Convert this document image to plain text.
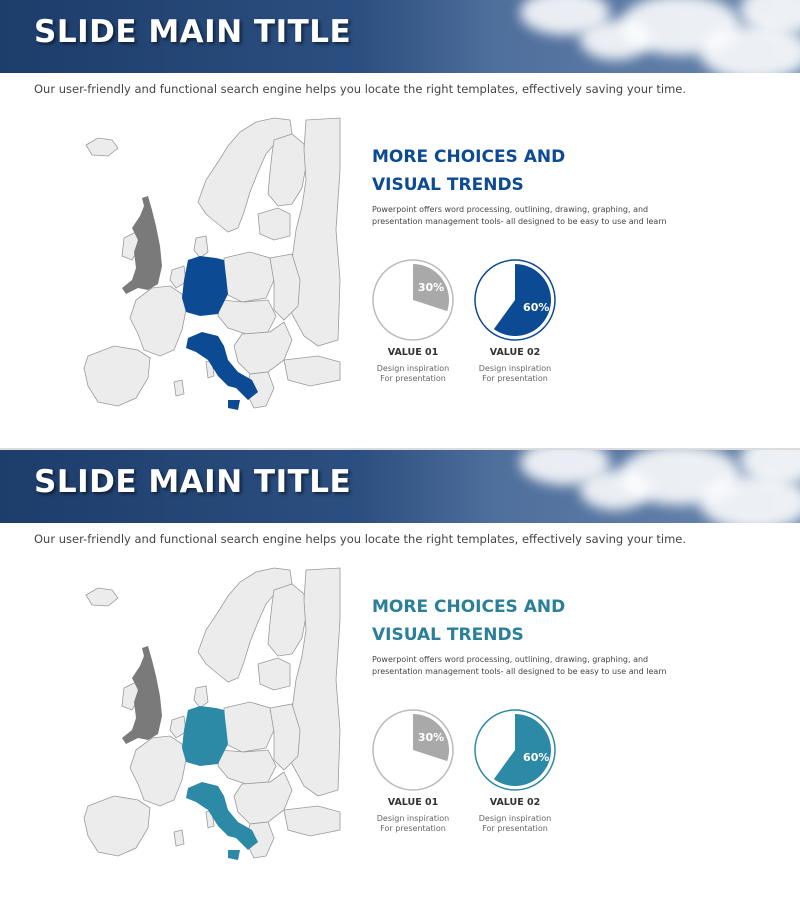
SLIDE MAIN TITLE
Our user-friendly and functional search engine helps you locate the right templates, effectively saving your time.
MORE CHOICES AND
VISUAL TRENDS
Powerpoint offers word processing, outlining, drawing, graphing, and
presentation management tools- all designed to be easy to use and learn
30%
60%
VALUE 01
Design inspiration
For presentation
VALUE 02
Design inspiration
For presentation
SLIDE MAIN TITLE
Our user-friendly and functional search engine helps you locate the right templates, effectively saving your time.
MORE CHOICES AND
VISUAL TRENDS
Powerpoint offers word processing, outlining, drawing, graphing, and
presentation management tools- all designed to be easy to use and learn
30%
60%
VALUE 01
Design inspiration
For presentation
VALUE 02
Design inspiration
For presentation
